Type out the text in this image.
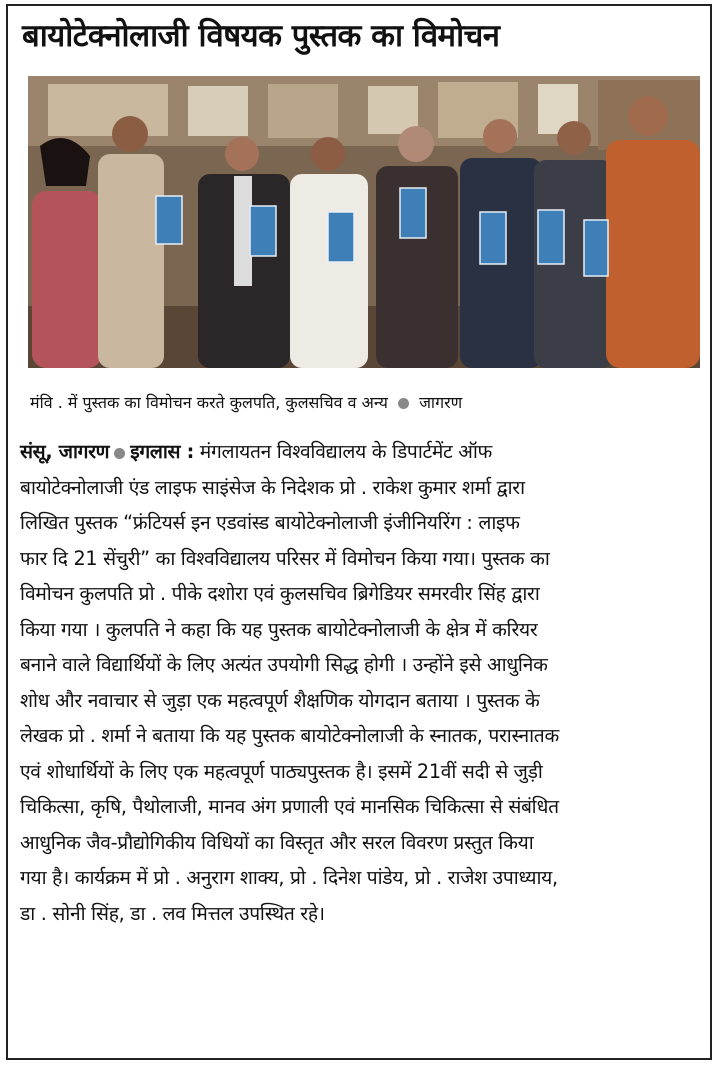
बायोटेक्नोलाजी विषयक पुस्तक का विमोचन
मंवि . में पुस्तक का विमोचन करते कुलपति, कुलसचिव व अन्य जागरण
संसू, जागरण इगलास : मंगलायतन विश्वविद्यालय के डिपार्टमेंट ऑफ
बायोटेक्नोलाजी एंड लाइफ साइंसेज के निदेशक प्रो . राकेश कुमार शर्मा द्वारा
लिखित पुस्तक “फ्रंटियर्स इन एडवांस्ड बायोटेक्नोलाजी इंजीनियरिंग : लाइफ
फार दि 21 सेंचुरी” का विश्वविद्यालय परिसर में विमोचन किया गया। पुस्तक का
विमोचन कुलपति प्रो . पीके दशोरा एवं कुलसचिव ब्रिगेडियर समरवीर सिंह द्वारा
किया गया । कुलपति ने कहा कि यह पुस्तक बायोटेक्नोलाजी के क्षेत्र में करियर
बनाने वाले विद्यार्थियों के लिए अत्यंत उपयोगी सिद्ध होगी । उन्होंने इसे आधुनिक
शोध और नवाचार से जुड़ा एक महत्वपूर्ण शैक्षणिक योगदान बताया । पुस्तक के
लेखक प्रो . शर्मा ने बताया कि यह पुस्तक बायोटेक्नोलाजी के स्नातक, परास्नातक
एवं शोधार्थियों के लिए एक महत्वपूर्ण पाठ्यपुस्तक है। इसमें 21वीं सदी से जुड़ी
चिकित्सा, कृषि, पैथोलाजी, मानव अंग प्रणाली एवं मानसिक चिकित्सा से संबंधित
आधुनिक जैव-प्रौद्योगिकीय विधियों का विस्तृत और सरल विवरण प्रस्तुत किया
गया है। कार्यक्रम में प्रो . अनुराग शाक्य, प्रो . दिनेश पांडेय, प्रो . राजेश उपाध्याय,
डा . सोनी सिंह, डा . लव मित्तल उपस्थित रहे।
